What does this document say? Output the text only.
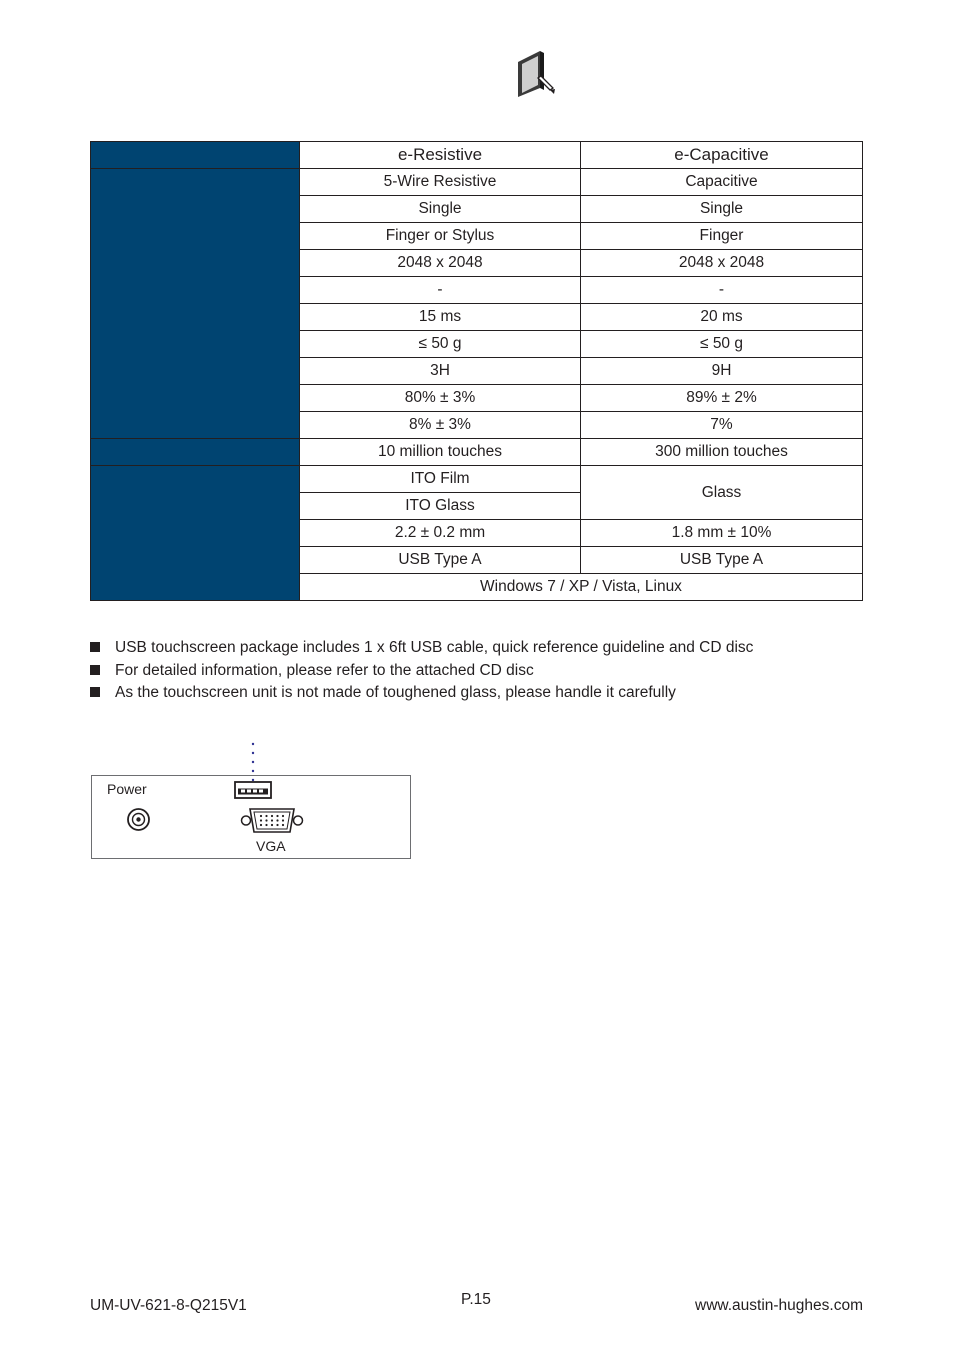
	e-Resistive	e-Capacitive
	5-Wire Resistive	Capacitive
	Single	Single
	Finger or Stylus	Finger
	2048 x 2048	2048 x 2048
	-	-
	15 ms	20 ms
	≤ 50 g	≤ 50 g
	3H	9H
	80% ± 3%	89% ± 2%
	8% ± 3%	7%
	10 million touches	300 million touches
	ITO Film	Glass
	ITO Glass	
	2.2 ± 0.2 mm	1.8 mm ± 10%
	USB Type A	USB Type A
	Windows 7 / XP / Vista, Linux	
USB touchscreen package includes 1 x 6ft USB cable, quick reference guideline and CD disc
For detailed information, please refer to the attached CD disc
As the touchscreen unit is not made of toughened glass, please handle it carefully
Power
VGA
UM-UV-621-8-Q215V1	P.15	www.austin-hughes.com
